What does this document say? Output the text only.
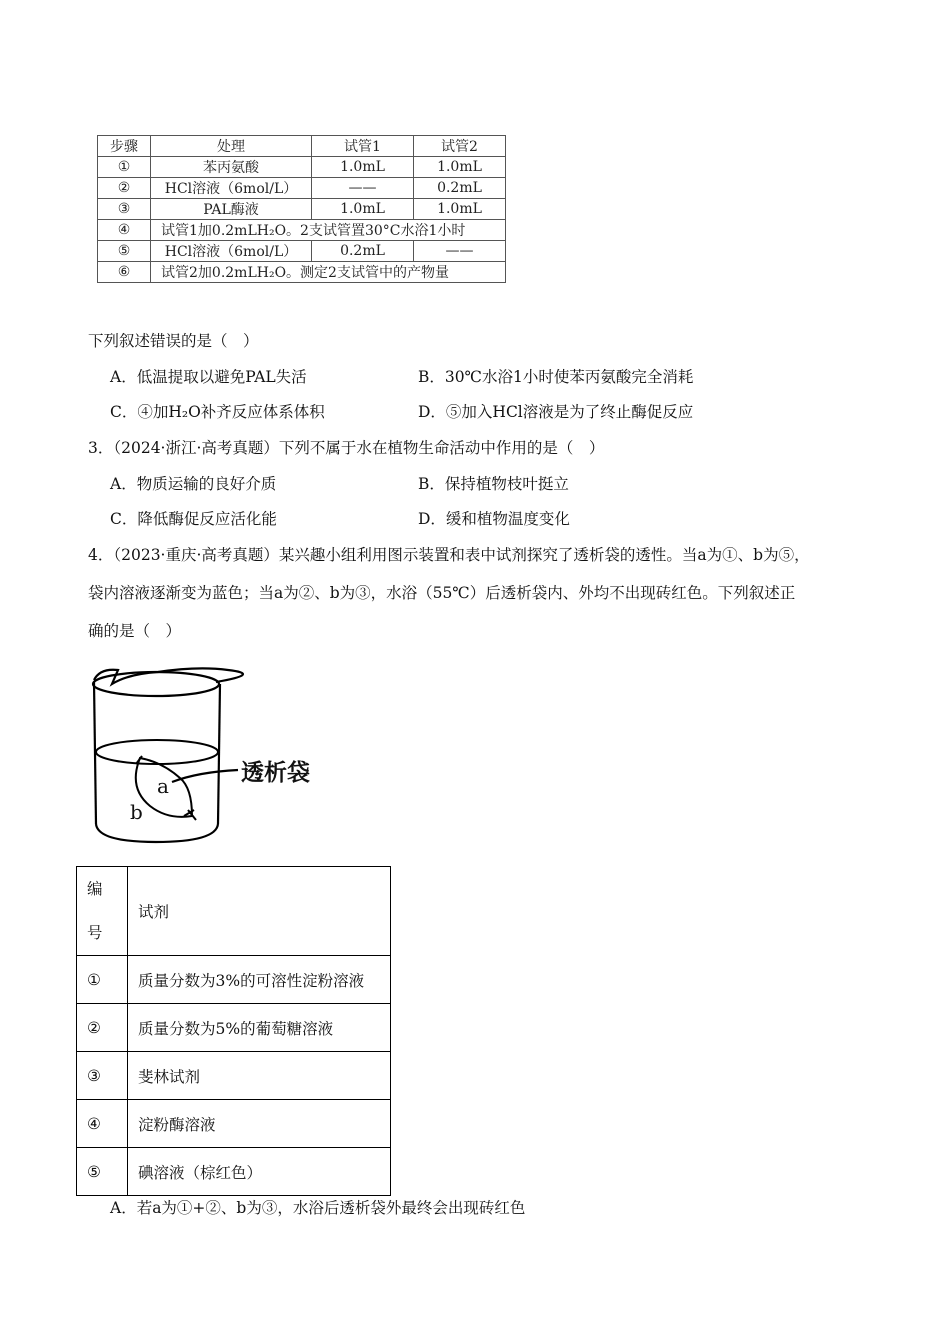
步骤	处理	试管1	试管2
①	苯丙氨酸	1.0mL	1.0mL
②	HCl溶液（6mol/L）	——	0.2mL
③	PAL酶液	1.0mL	1.0mL
④	试管1加0.2mLH₂O。2支试管置30°C水浴1小时		
⑤	HCl溶液（6mol/L）	0.2mL	——
⑥	试管2加0.2mLH₂O。测定2支试管中的产物量		
下列叙述错误的是（　）
A．低温提取以避免PAL失活	B．30℃水浴1小时使苯丙氨酸完全消耗
C．④加H₂O补齐反应体系体积	D．⑤加入HCl溶液是为了终止酶促反应
3．（2024·浙江·高考真题）下列不属于水在植物生命活动中作用的是（　）
A．物质运输的良好介质	B．保持植物枝叶挺立
C．降低酶促反应活化能	D．缓和植物温度变化
4．（2023·重庆·高考真题）某兴趣小组利用图示装置和表中试剂探究了透析袋的透性。当a为①、b为⑤，
袋内溶液逐渐变为蓝色；当a为②、b为③，水浴（55℃）后透析袋内、外均不出现砖红色。下列叙述正
确的是（　）
透析袋
a
b
编
号	试剂
①	质量分数为3%的可溶性淀粉溶液
②	质量分数为5%的葡萄糖溶液
③	斐林试剂
④	淀粉酶溶液
⑤	碘溶液（棕红色）
A．若a为①+②、b为③，水浴后透析袋外最终会出现砖红色
